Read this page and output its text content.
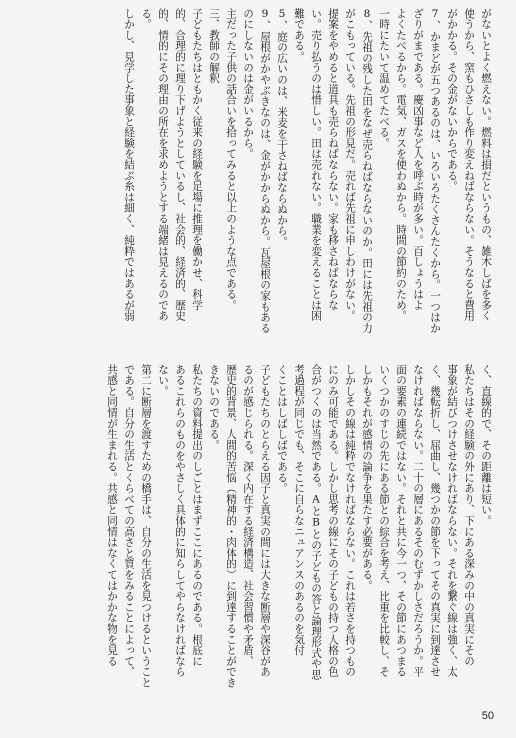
がないとよく燃えない。燃料は損だというもの、雑木しばを多く

使うから、窯もひさしも作り変えねばならない。そうなると費用

がかかる。その金がないからである。

7、かまどが五つあるのは、いろいろたくさんたくから。一つはか

ざりがまである。慶凶事など人を呼ぶ時が多い。百しょうはよ

よくたべるから。電気、ガスを使わぬから。時間の節約のため。

一時にたいて温めてたべる。

8、先祖の残した田をなぜ売らねばならないのか。田には先祖の力

がこもっている。先祖の形見だ。売れば先祖に申しわけがない。

提案をやめると道具も売らねばならない。家も移さねばならな

い。売り払うのは惜しい。田は売れない。職業を変えることは困

難である。

5、庭の広いのは、米麦を干さねばならぬから。

9、屋根がかやぶきなのは、金がかからぬから。瓦屋根の家もある

のにしないのは金がいるから。

主だった子供の話合いを拾ってみると以上のような点である。

三、教師の解釈

子どもたちはともかく従来の経験を足場に推理を働かせ、科学

的、合理的に理り下げようとしているし、社会的、経済的、歴史

的、情的にその理由の所在を求めようとする端緒は見えるのであ

る。

しかし、見学した事象と経験を結ぶ糸は細く、純粋ではあるが弱

く、直線的で、その距離は短い。

私たちはその経験の外にあり、下にある深みの中の真実にその

事象が結びつけさせなければならない。それを繋ぐ線は強く、太

く、幾転折し、屈曲し、幾つかの節を下ってその真実に到達させ

なければならない。二十の層にあるそのむずかしさだろうか。平

面の要素の連続ではない。それと共に今一つ、その節にあつまる

いくつかのすじの先にある節との綜合を考え、比重を比較し、そ

しかもそれが感情の論争を果たす必要がある。

しかしその線は純粋でなければならない。これは若さを持つもの

にのみ可能である。しかし思考の線にその子どもの持つ人格の色

合がつくのは当然である。AとBとの子どもの答と論理形式や思

考過程が同じでも、そこに自らなニュアンスのあるのを気付

くことはしばしばである。

子どもたちのとらえる因子と真実の間には大きな断層や深谷があ

るのが感じられる。深く内在する経済構造、社会習慣や矛盾、

歴史的背景、人間的苦悩（精神的・肉体的）に到達することができ

きないのである。

私たちの資料提出のしごとはまずここにあるのである。根底に

あるこれらのものをやさしく具体的に知らしてやらなければなら

ない。

第二に断層を渡すための橋手は、自分の生活を見つけるということ

である。自分の生活とくらべての高さと質をみることによって、

共感と同情が生まれる。共感と同情はなくてはかかな物を見る

50
